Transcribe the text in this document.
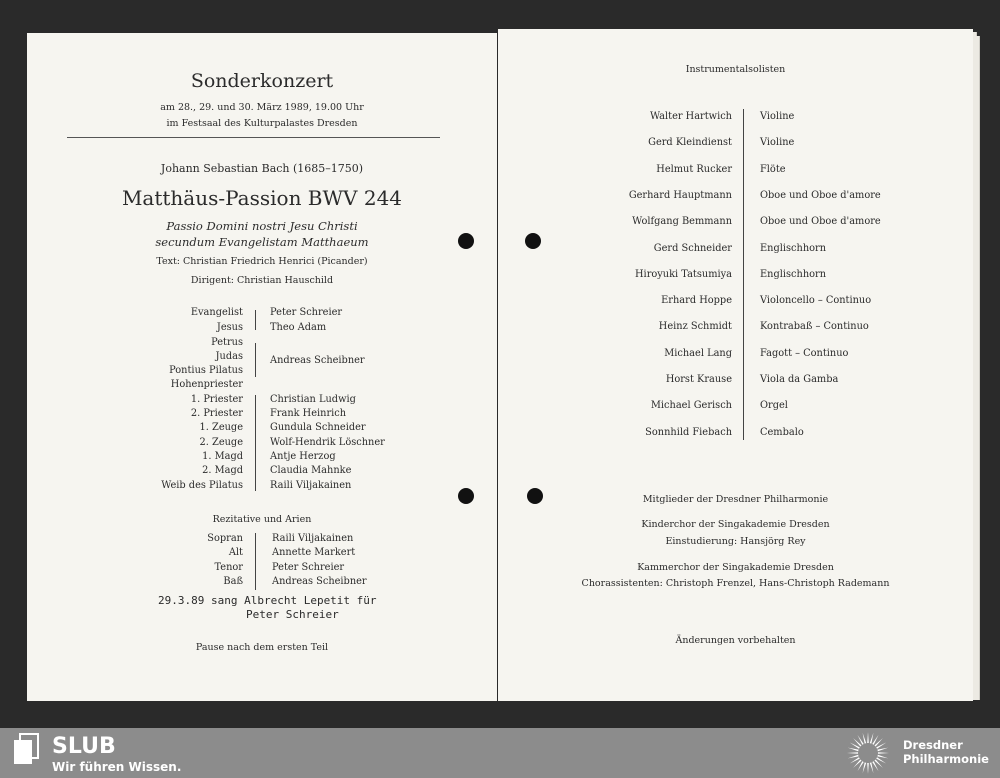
Sonderkonzert
am 28., 29. und 30. März 1989, 19.00 Uhr
im Festsaal des Kulturpalastes Dresden
Johann Sebastian Bach (1685–1750)
Matthäus-Passion BWV 244
Passio Domini nostri Jesu Christi
secundum Evangelistam Matthaeum
Text: Christian Friedrich Henrici (Picander)
Dirigent: Christian Hauschild
Evangelist	Peter Schreier
Jesus	Theo Adam
Petrus
Judas	Andreas Scheibner
Pontius Pilatus
Hohenpriester
1. Priester	Christian Ludwig
2. Priester	Frank Heinrich
1. Zeuge	Gundula Schneider
2. Zeuge	Wolf-Hendrik Löschner
1. Magd	Antje Herzog
2. Magd	Claudia Mahnke
Weib des Pilatus	Raili Viljakainen
Rezitative und Arien
Sopran	Raili Viljakainen
Alt	Annette Markert
Tenor	Peter Schreier
Baß	Andreas Scheibner
29.3.89 sang Albrecht Lepetit für
Peter Schreier
Pause nach dem ersten Teil
Instrumentalsolisten
Walter Hartwich	Violine
Gerd Kleindienst	Violine
Helmut Rucker	Flöte
Gerhard Hauptmann	Oboe und Oboe d'amore
Wolfgang Bemmann	Oboe und Oboe d'amore
Gerd Schneider	Englischhorn
Hiroyuki Tatsumiya	Englischhorn
Erhard Hoppe	Violoncello – Continuo
Heinz Schmidt	Kontrabaß – Continuo
Michael Lang	Fagott – Continuo
Horst Krause	Viola da Gamba
Michael Gerisch	Orgel
Sonnhild Fiebach	Cembalo
Mitglieder der Dresdner Philharmonie
Kinderchor der Singakademie Dresden
Einstudierung: Hansjörg Rey
Kammerchor der Singakademie Dresden
Chorassistenten: Christoph Frenzel, Hans-Christoph Rademann
Änderungen vorbehalten
SLUB
Wir führen Wissen.
Dresdner
Philharmonie
